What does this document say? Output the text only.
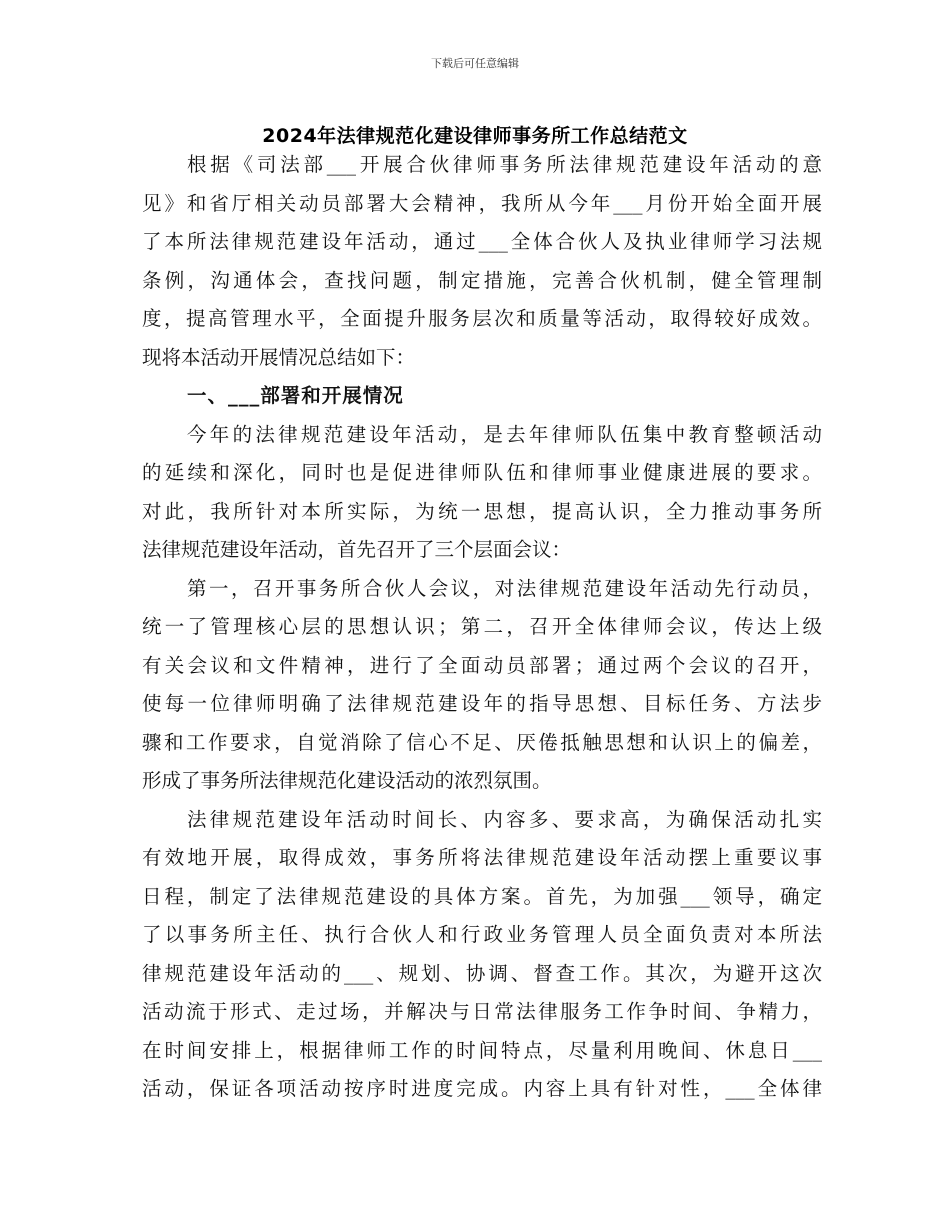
下载后可任意编辑
2024年法律规范化建设律师事务所工作总结范文
根据《司法部___开展合伙律师事务所法律规范建设年活动的意
见》和省厅相关动员部署大会精神，我所从今年___月份开始全面开展
了本所法律规范建设年活动，通过___全体合伙人及执业律师学习法规
条例，沟通体会，查找问题，制定措施，完善合伙机制，健全管理制
度，提高管理水平，全面提升服务层次和质量等活动，取得较好成效。
现将本活动开展情况总结如下：
一、___部署和开展情况
今年的法律规范建设年活动，是去年律师队伍集中教育整顿活动
的延续和深化，同时也是促进律师队伍和律师事业健康进展的要求。
对此，我所针对本所实际，为统一思想，提高认识，全力推动事务所
法律规范建设年活动，首先召开了三个层面会议：
第一，召开事务所合伙人会议，对法律规范建设年活动先行动员，
统一了管理核心层的思想认识；第二，召开全体律师会议，传达上级
有关会议和文件精神，进行了全面动员部署；通过两个会议的召开，
使每一位律师明确了法律规范建设年的指导思想、目标任务、方法步
骤和工作要求，自觉消除了信心不足、厌倦抵触思想和认识上的偏差，
形成了事务所法律规范化建设活动的浓烈氛围。
法律规范建设年活动时间长、内容多、要求高，为确保活动扎实
有效地开展，取得成效，事务所将法律规范建设年活动摆上重要议事
日程，制定了法律规范建设的具体方案。首先，为加强___领导，确定
了以事务所主任、执行合伙人和行政业务管理人员全面负责对本所法
律规范建设年活动的___、规划、协调、督查工作。其次，为避开这次
活动流于形式、走过场，并解决与日常法律服务工作争时间、争精力，
在时间安排上，根据律师工作的时间特点，尽量利用晚间、休息日___
活动，保证各项活动按序时进度完成。内容上具有针对性，___全体律
